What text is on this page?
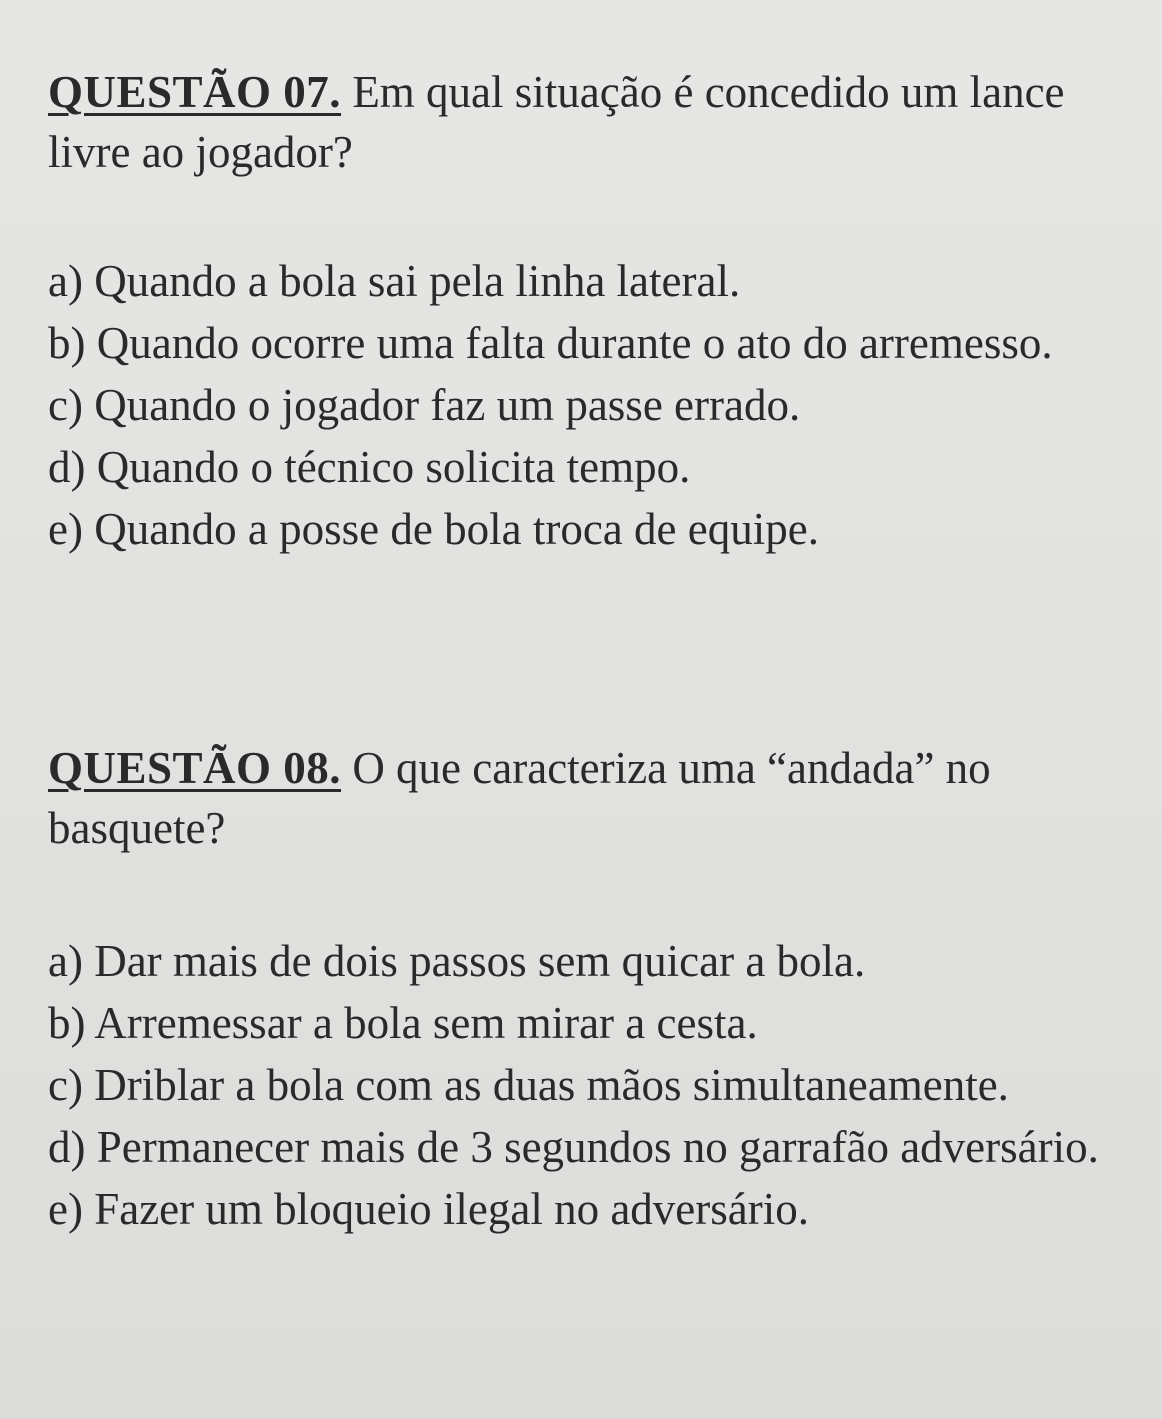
QUESTÃO 07. Em qual situação é concedido um lance livre ao jogador?

a) Quando a bola sai pela linha lateral.
b) Quando ocorre uma falta durante o ato do arremesso.
c) Quando o jogador faz um passe errado.
d) Quando o técnico solicita tempo.
e) Quando a posse de bola troca de equipe.

QUESTÃO 08. O que caracteriza uma “andada” no basquete?

a) Dar mais de dois passos sem quicar a bola.
b) Arremessar a bola sem mirar a cesta.
c) Driblar a bola com as duas mãos simultaneamente.
d) Permanecer mais de 3 segundos no garrafão adversário.
e) Fazer um bloqueio ilegal no adversário.
